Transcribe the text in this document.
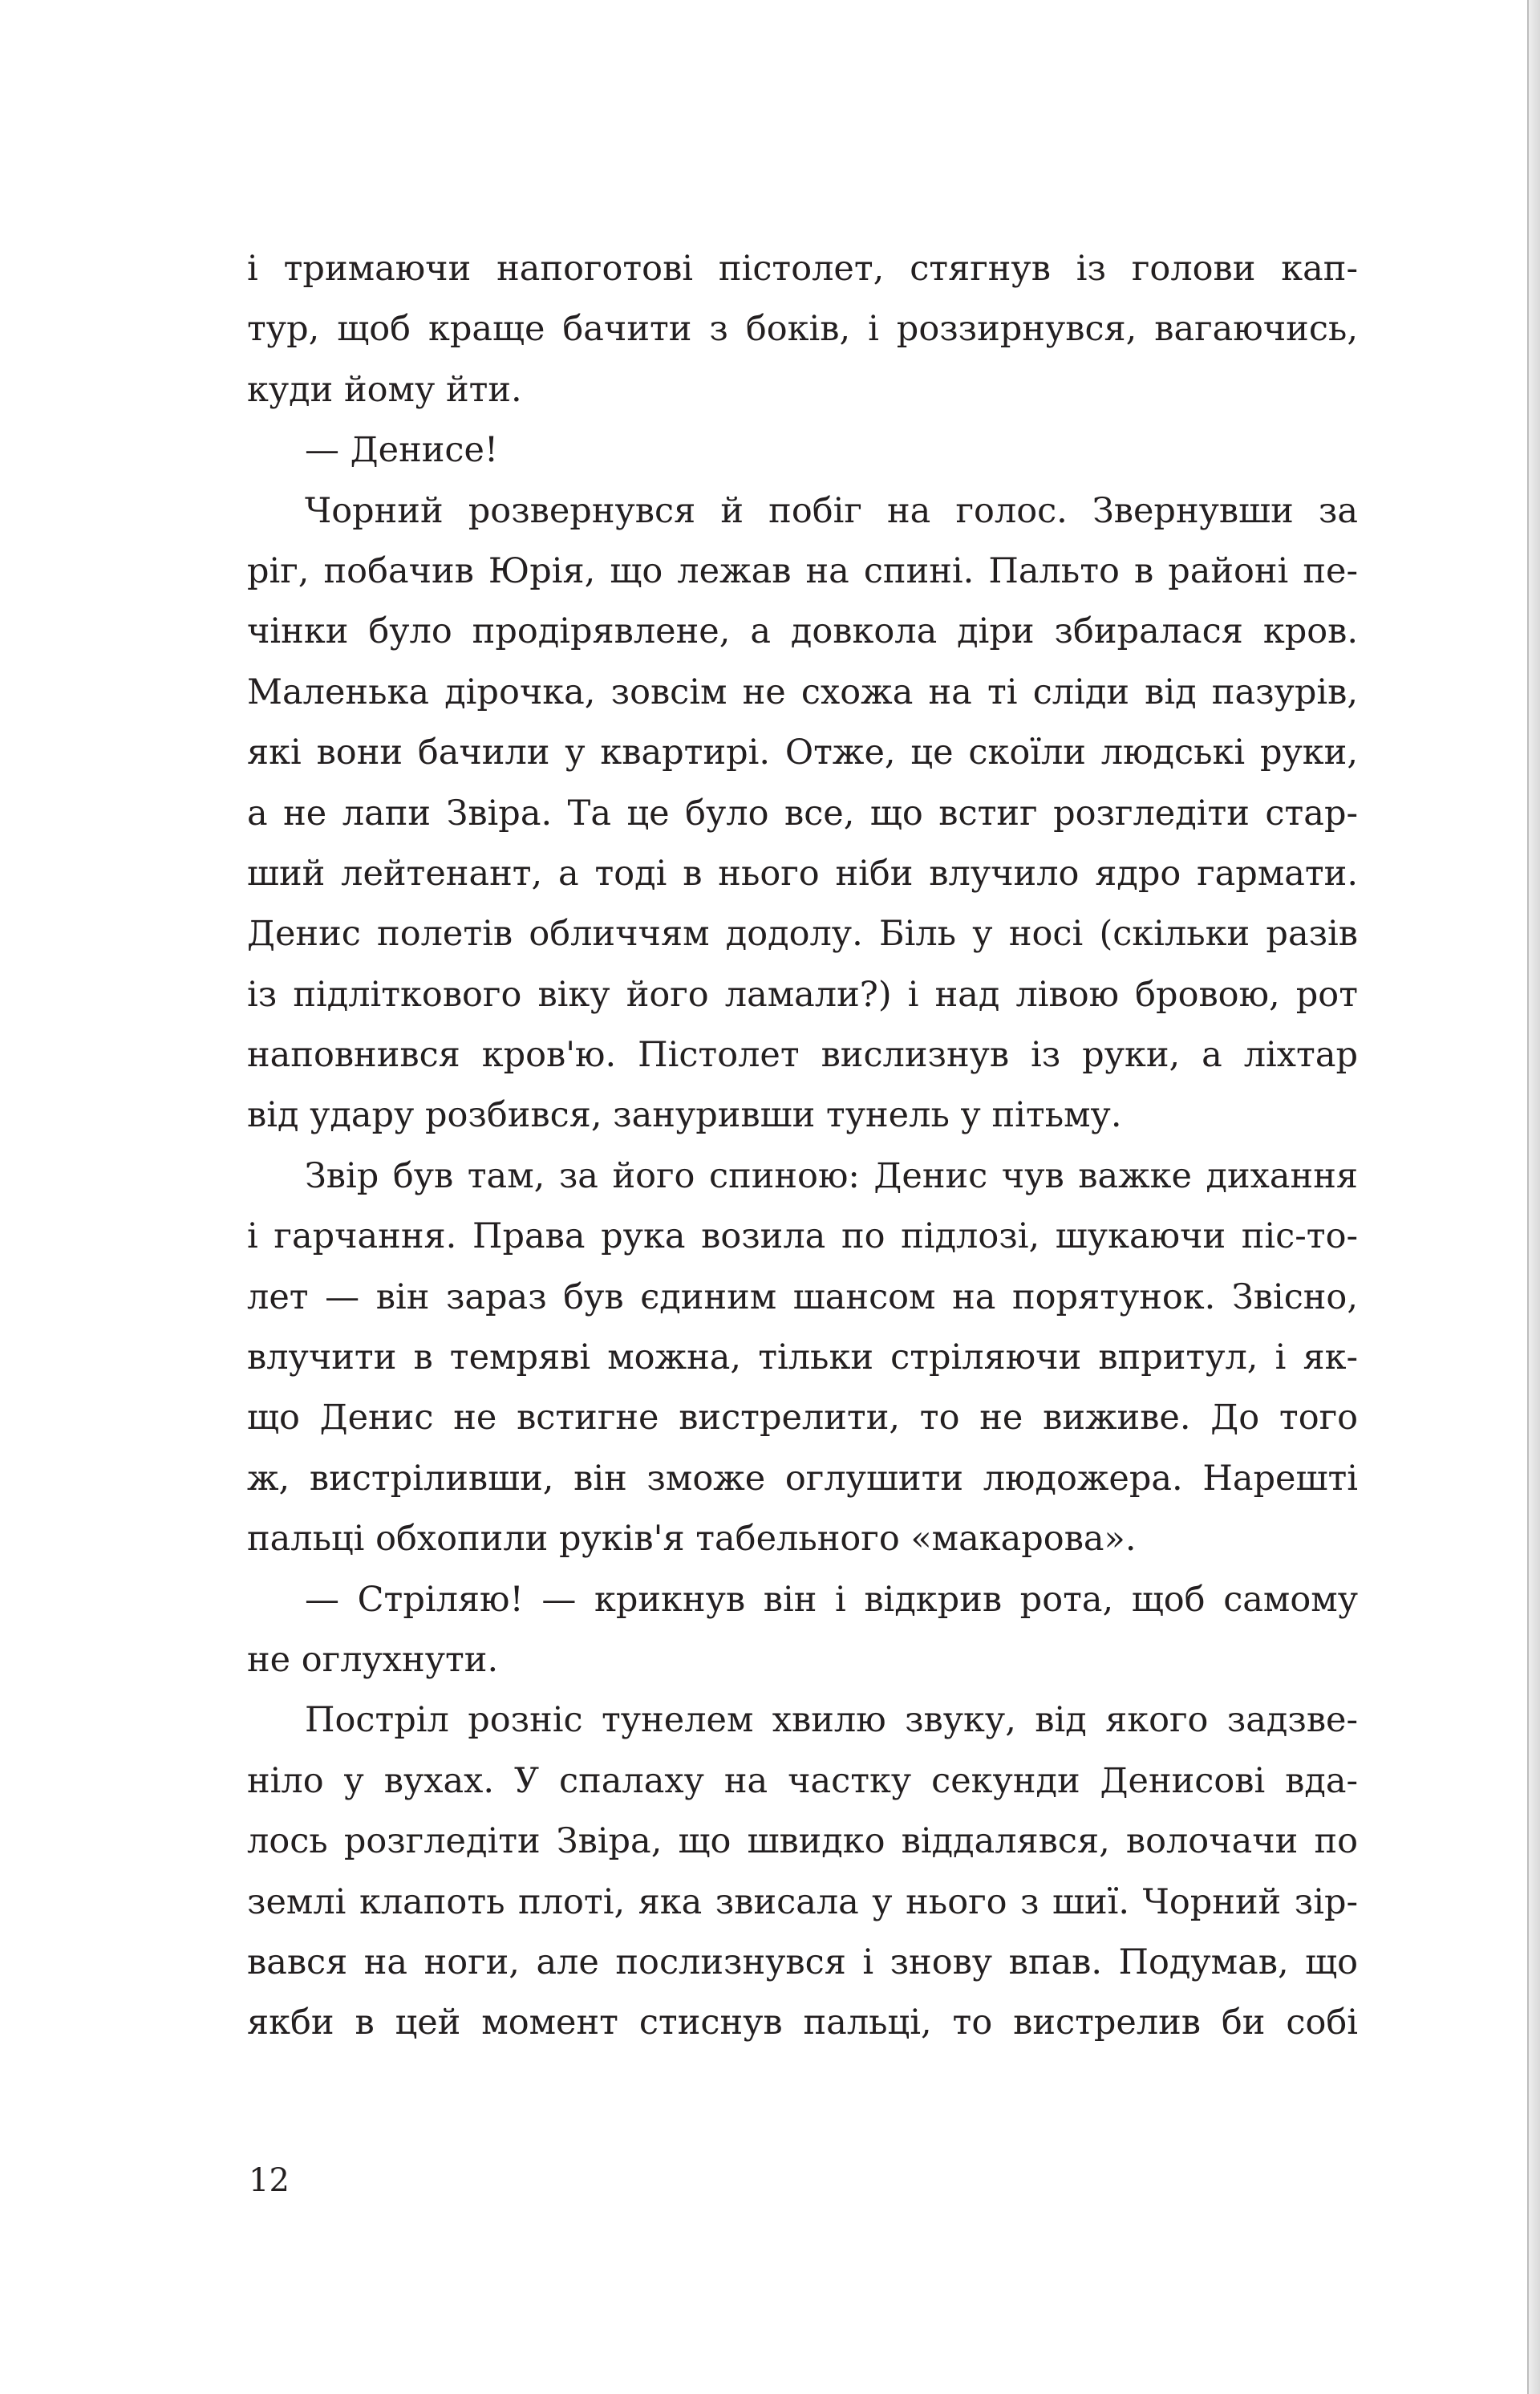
і тримаючи напоготові пістолет, стягнув із голови кап-
тур, щоб краще бачити з боків, і роззирнувся, вагаючись,
куди йому йти.
— Денисе!
Чорний розвернувся й побіг на голос. Звернувши за
ріг, побачив Юрія, що лежав на спині. Пальто в районі пе-
чінки було продірявлене, а довкола діри збиралася кров.
Маленька дірочка, зовсім не схожа на ті сліди від пазурів,
які вони бачили у квартирі. Отже, це скоїли людські руки,
а не лапи Звіра. Та це було все, що встиг розгледіти стар-
ший лейтенант, а тоді в нього ніби влучило ядро гармати.
Денис полетів обличчям додолу. Біль у носі (скільки разів
із підліткового віку його ламали?) і над лівою бровою, рот
наповнився кров'ю. Пістолет вислизнув із руки, а ліхтар
від удару розбився, зануривши тунель у пітьму.
Звір був там, за його спиною: Денис чув важке дихання
і гарчання. Права рука возила по підлозі, шукаючи піс-то-
лет — він зараз був єдиним шансом на порятунок. Звісно,
влучити в темряві можна, тільки стріляючи впритул, і як-
що Денис не встигне вистрелити, то не виживе. До того
ж, вистріливши, він зможе оглушити людожера. Нарешті
пальці обхопили руків'я табельного «макарова».
— Стріляю! — крикнув він і відкрив рота, щоб самому
не оглухнути.
Постріл розніс тунелем хвилю звуку, від якого задзве-
ніло у вухах. У спалаху на частку секунди Денисові вда-
лось розгледіти Звіра, що швидко віддалявся, волочачи по
землі клапоть плоті, яка звисала у нього з шиї. Чорний зір-
вався на ноги, але послизнувся і знову впав. Подумав, що
якби в цей момент стиснув пальці, то вистрелив би собі
12
